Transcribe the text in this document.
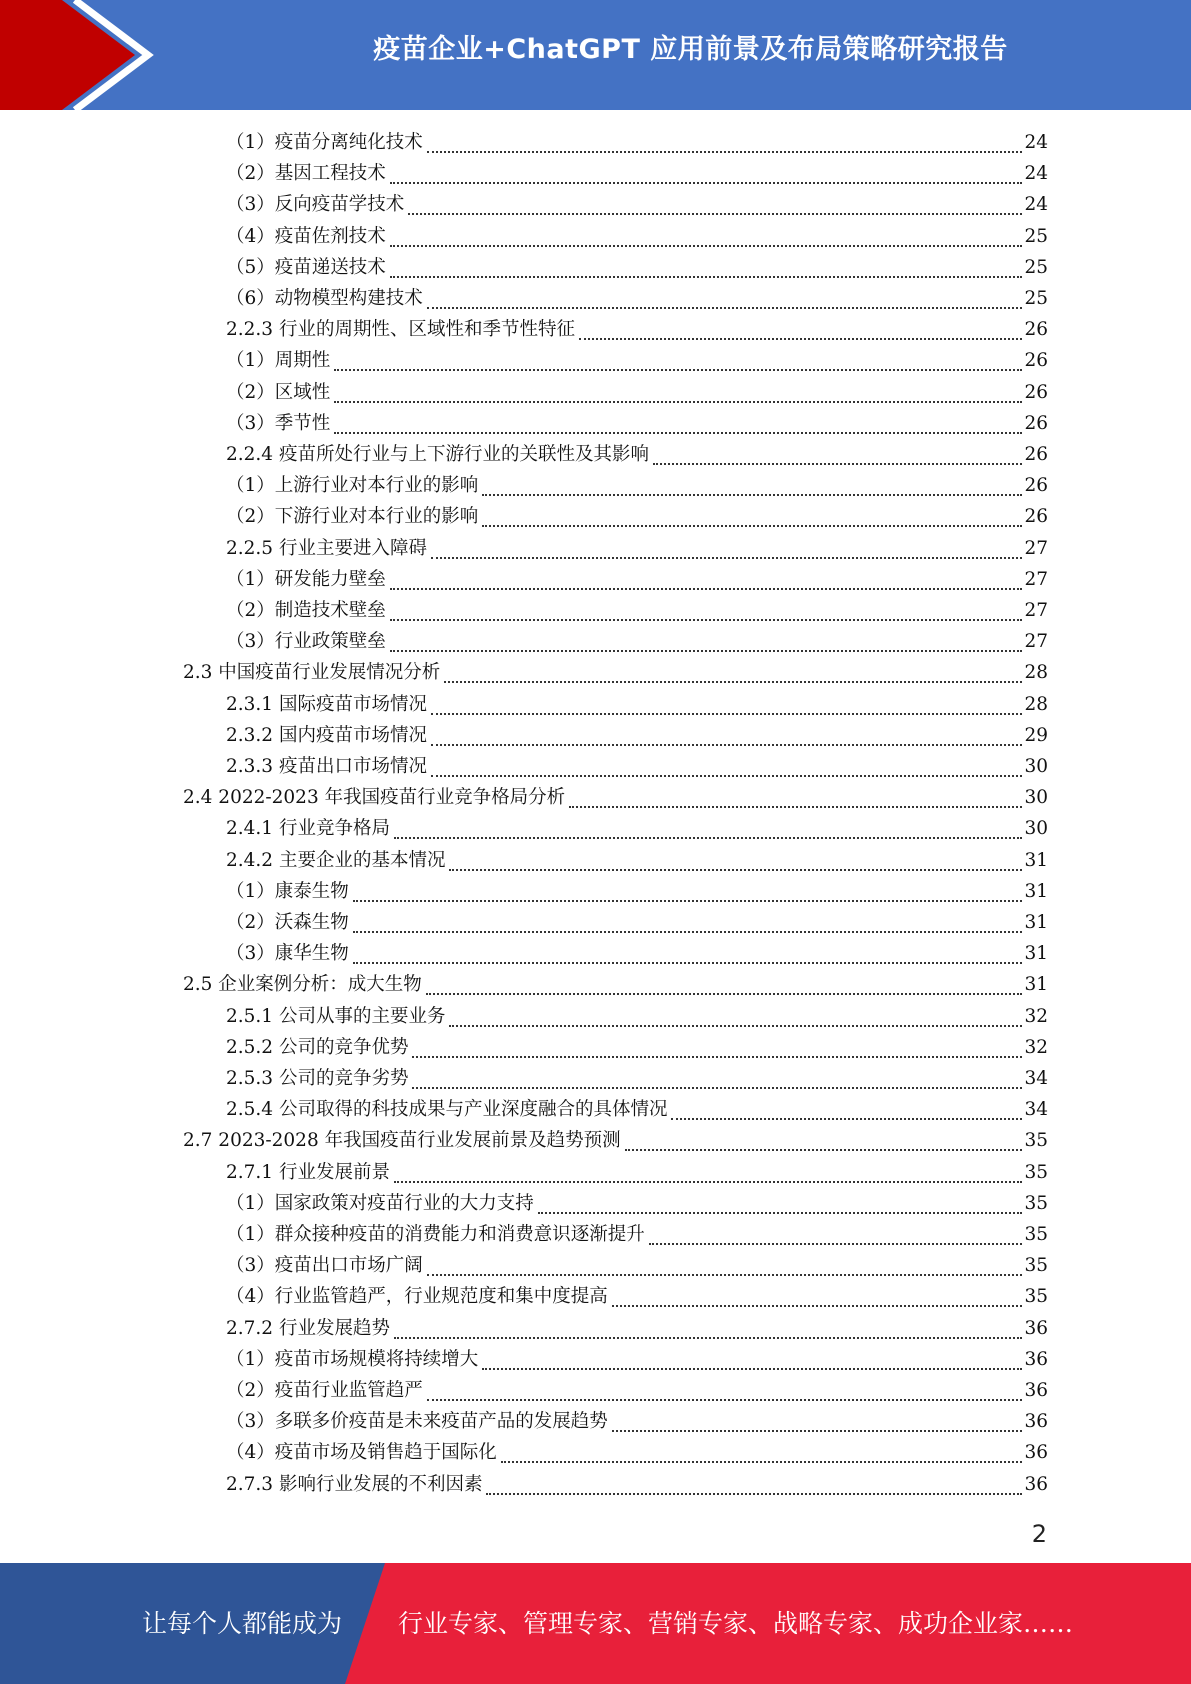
疫苗企业+ChatGPT 应用前景及布局策略研究报告
（1）疫苗分离纯化技术	24
（2）基因工程技术	24
（3）反向疫苗学技术	24
（4）疫苗佐剂技术	25
（5）疫苗递送技术	25
（6）动物模型构建技术	25
2.2.3 行业的周期性、区域性和季节性特征	26
（1）周期性	26
（2）区域性	26
（3）季节性	26
2.2.4 疫苗所处行业与上下游行业的关联性及其影响	26
（1）上游行业对本行业的影响	26
（2）下游行业对本行业的影响	26
2.2.5 行业主要进入障碍	27
（1）研发能力壁垒	27
（2）制造技术壁垒	27
（3）行业政策壁垒	27
2.3 中国疫苗行业发展情况分析	28
2.3.1 国际疫苗市场情况	28
2.3.2 国内疫苗市场情况	29
2.3.3 疫苗出口市场情况	30
2.4 2022-2023 年我国疫苗行业竞争格局分析	30
2.4.1 行业竞争格局	30
2.4.2 主要企业的基本情况	31
（1）康泰生物	31
（2）沃森生物	31
（3）康华生物	31
2.5 企业案例分析：成大生物	31
2.5.1 公司从事的主要业务	32
2.5.2 公司的竞争优势	32
2.5.3 公司的竞争劣势	34
2.5.4 公司取得的科技成果与产业深度融合的具体情况	34
2.7 2023-2028 年我国疫苗行业发展前景及趋势预测	35
2.7.1 行业发展前景	35
（1）国家政策对疫苗行业的大力支持	35
（1）群众接种疫苗的消费能力和消费意识逐渐提升	35
（3）疫苗出口市场广阔	35
（4）行业监管趋严，行业规范度和集中度提高	35
2.7.2 行业发展趋势	36
（1）疫苗市场规模将持续增大	36
（2）疫苗行业监管趋严	36
（3）多联多价疫苗是未来疫苗产品的发展趋势	36
（4）疫苗市场及销售趋于国际化	36
2.7.3 影响行业发展的不利因素	36
2
让每个人都能成为 行业专家、管理专家、营销专家、战略专家、成功企业家……
